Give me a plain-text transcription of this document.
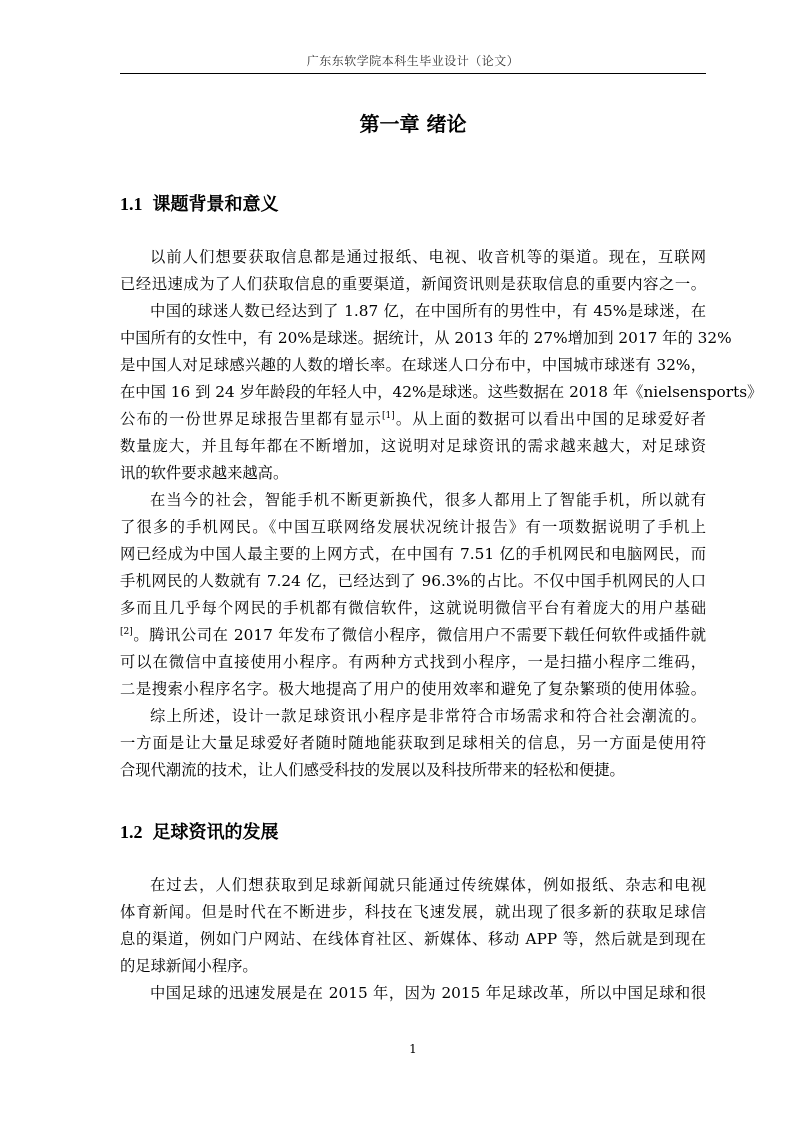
广东东软学院本科生毕业设计（论文）
第一章 绪论
1.1 课题背景和意义
以前人们想要获取信息都是通过报纸、电视、收音机等的渠道。现在，互联网
已经迅速成为了人们获取信息的重要渠道，新闻资讯则是获取信息的重要内容之一。
中国的球迷人数已经达到了 1.87 亿，在中国所有的男性中，有 45%是球迷，在
中国所有的女性中，有 20%是球迷。据统计，从 2013 年的 27%增加到 2017 年的 32%
是中国人对足球感兴趣的人数的增长率。在球迷人口分布中，中国城市球迷有 32%，
在中国 16 到 24 岁年龄段的年轻人中，42%是球迷。这些数据在 2018 年《nielsensports》
公布的一份世界足球报告里都有显示[1]。从上面的数据可以看出中国的足球爱好者
数量庞大，并且每年都在不断增加，这说明对足球资讯的需求越来越大，对足球资
讯的软件要求越来越高。
在当今的社会，智能手机不断更新换代，很多人都用上了智能手机，所以就有
了很多的手机网民。《中国互联网络发展状况统计报告》有一项数据说明了手机上
网已经成为中国人最主要的上网方式，在中国有 7.51 亿的手机网民和电脑网民，而
手机网民的人数就有 7.24 亿，已经达到了 96.3%的占比。不仅中国手机网民的人口
多而且几乎每个网民的手机都有微信软件，这就说明微信平台有着庞大的用户基础
[2]。腾讯公司在 2017 年发布了微信小程序，微信用户不需要下载任何软件或插件就
可以在微信中直接使用小程序。有两种方式找到小程序，一是扫描小程序二维码，
二是搜索小程序名字。极大地提高了用户的使用效率和避免了复杂繁琐的使用体验。
综上所述，设计一款足球资讯小程序是非常符合市场需求和符合社会潮流的。
一方面是让大量足球爱好者随时随地能获取到足球相关的信息，另一方面是使用符
合现代潮流的技术，让人们感受科技的发展以及科技所带来的轻松和便捷。
1.2 足球资讯的发展
在过去，人们想获取到足球新闻就只能通过传统媒体，例如报纸、杂志和电视
体育新闻。但是时代在不断进步，科技在飞速发展，就出现了很多新的获取足球信
息的渠道，例如门户网站、在线体育社区、新媒体、移动 APP 等，然后就是到现在
的足球新闻小程序。
中国足球的迅速发展是在 2015 年，因为 2015 年足球改革，所以中国足球和很
1
